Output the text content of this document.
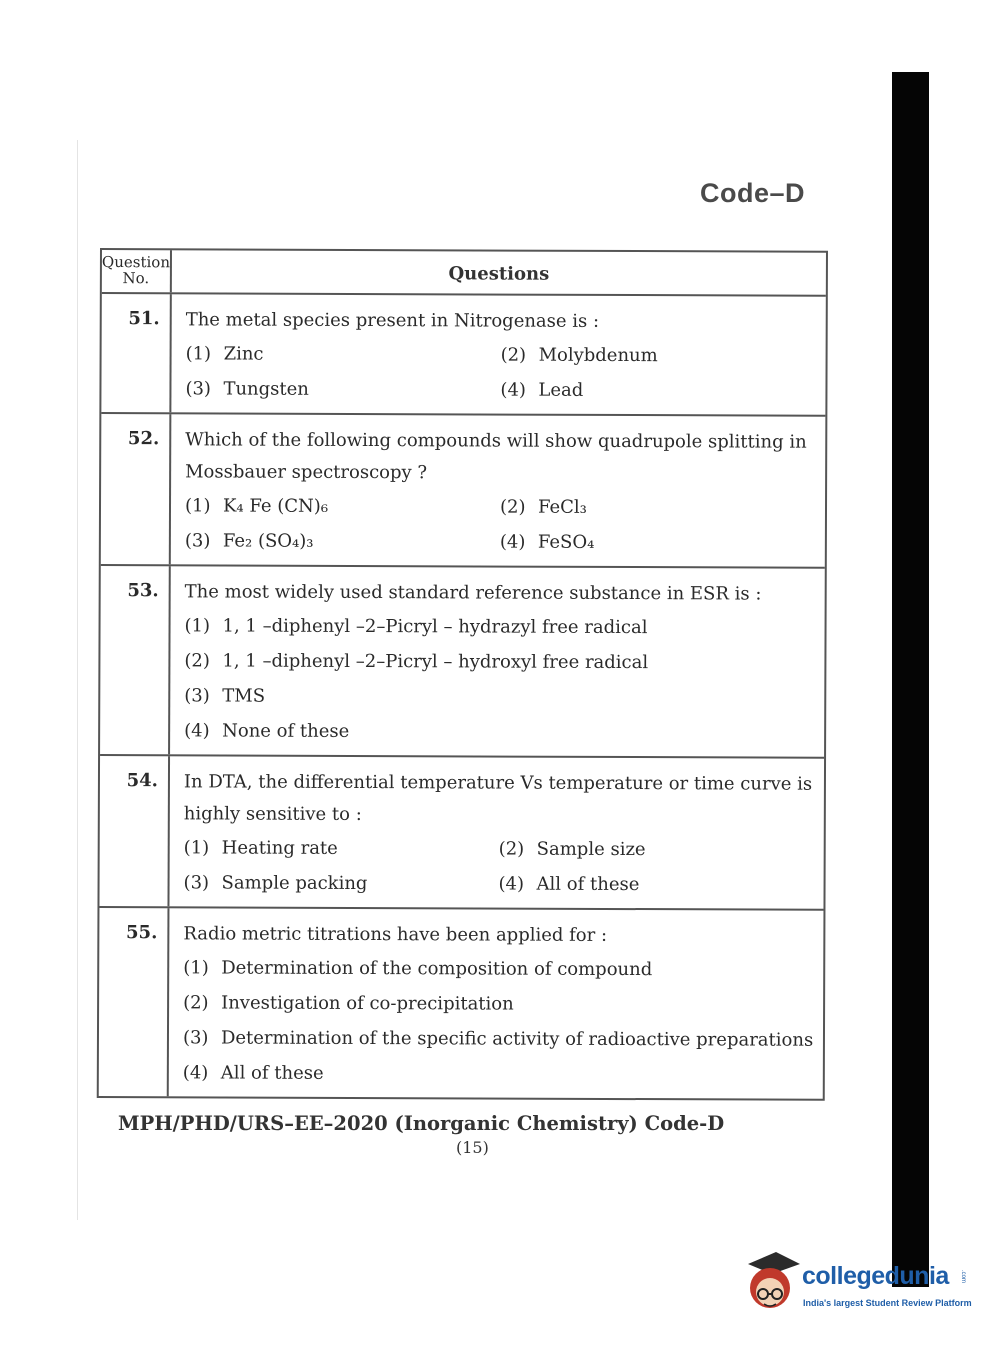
Code–D
Question No.	Questions
51.	The metal species present in Nitrogenase is :
(1) Zinc	(2) Molybdenum
(3) Tungsten	(4) Lead
52.	Which of the following compounds will show quadrupole splitting in Mossbauer spectroscopy ?
(1) K₄ Fe (CN)₆	(2) FeCl₃
(3) Fe₂ (SO₄)₃	(4) FeSO₄
53.	The most widely used standard reference substance in ESR is :
(1) 1, 1 –diphenyl –2–Picryl – hydrazyl free radical
(2) 1, 1 –diphenyl –2–Picryl – hydroxyl free radical
(3) TMS
(4) None of these
54.	In DTA, the differential temperature Vs temperature or time curve is highly sensitive to :
(1) Heating rate	(2) Sample size
(3) Sample packing	(4) All of these
55.	Radio metric titrations have been applied for :
(1) Determination of the composition of compound
(2) Investigation of co-precipitation
(3) Determination of the specific activity of radioactive preparations
(4) All of these
MPH/PHD/URS–EE–2020 (Inorganic Chemistry) Code-D
(15)
collegedunia .com
India's largest Student Review Platform
